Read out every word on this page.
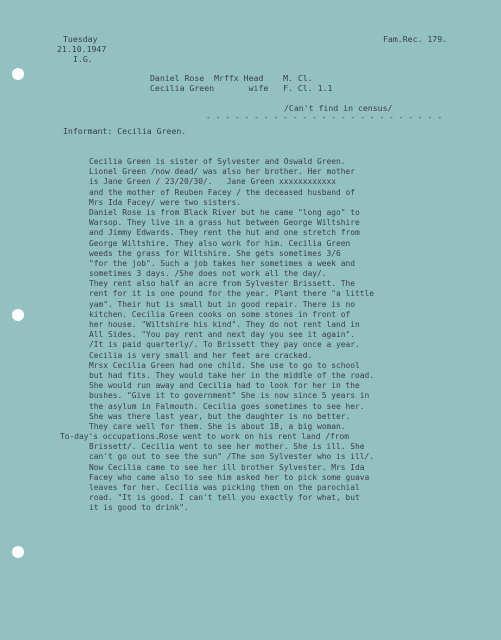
Tuesday
21.10.1947
I.G.
Fam.Rec. 179.
Daniel Rose  Mrffx Head    M. Cl.
Cecilia Green       wife   F. Cl. 1.1
/Can't find in census/
- - - - - - - - - - - - - - - - - - - - - - - - -
Informant: Cecilia Green.
Cecilia Green is sister of Sylvester and Oswald Green.
Lionel Green /now dead/ was also her brother. Her mother
is Jane Green / 23/20/30/.   Jane Green xxxxxxxxxxxx
and the mother of Reuben Facey / the deceased husband of
Mrs Ida Facey/ were two sisters.
Daniel Rose is from Black River but he came "long ago" to
Warsop. They live in a grass hut between George Wiltshire
and Jimmy Edwards. They rent the hut and one stretch from
George Wiltshire. They also work for him. Cecilia Green
weeds the grass for Wiltshire. She gets sometimes 3/6
"for the job". Such a job takes her sometimes a week and
sometimes 3 days. /She does not work all the day/.
They rent also half an acre from Sylvester Brissett. The
rent for it is one pound for the year. Plant there "a little
yam". Their hut is small but in good repair. There is no
kitchen. Cecilia Green cooks on some stones in front of
her house. "Wiltshire his kind". They do not rent land in
All Sides. "You pay rent and next day you see it again".
/It is paid quarterly/. To Brissett they pay once a year.
Cecilia is very small and her feet are cracked.
Mrsx Cecilia Green had one child. She use to go to school
but had fits. They would take her in the middle of the road.
She would run away and Cecilia had to look for her in the
bushes. "Give it to government" She is now since 5 years in
the asylum in Falmouth. Cecilia goes sometimes to see her.
She was there last year, but the daughter is no better.
They care well for them. She is about 18, a big woman.
To-day's occupations. Rose went to work on his rent land /from
Brissett/. Cecilia went to see her mother. She is ill. She
can't go out to see the sun" /The son Sylvester who is ill/.
Now Cecilia came to see her ill brother Sylvester. Mrs Ida
Facey who came also to see him asked her to pick some guava
leaves for her. Cecilia was picking them on the parochial
road. "It is good. I can't tell you exactly for what, but
it is good to drink".
